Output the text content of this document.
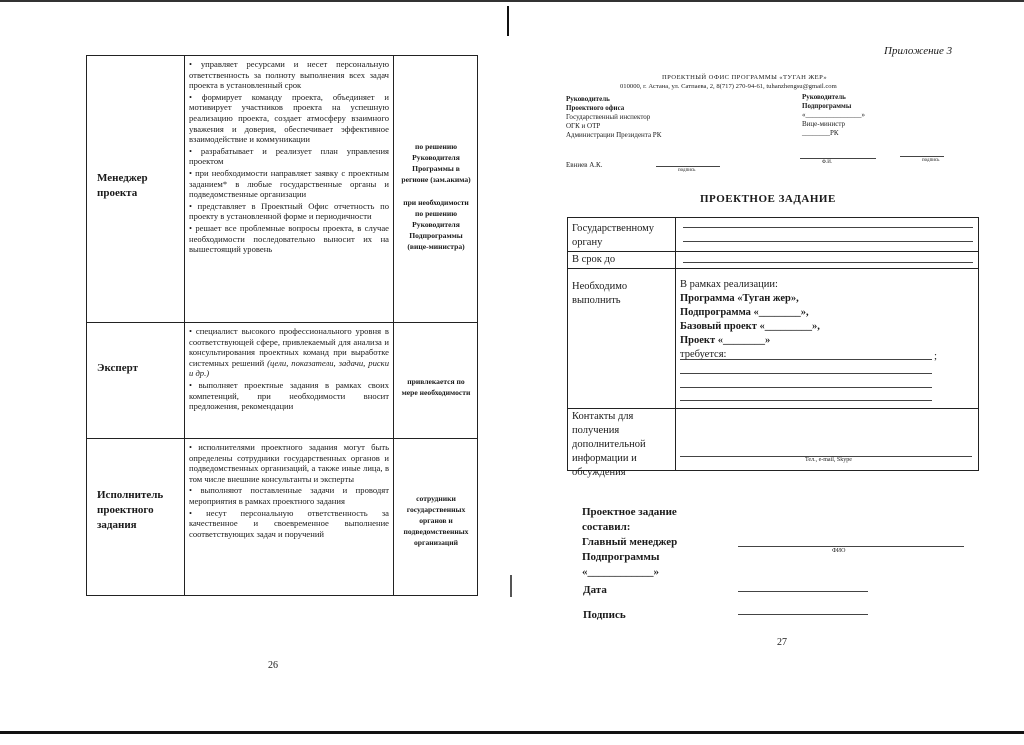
Менеджер
проекта

• управляет ресурсами и несет персональную ответственность за полноту выполнения всех задач проекта в установленный срок

• формирует команду проекта, объединяет и мотивирует участников проекта на успешную реализацию проекта, создает атмосферу взаимного уважения и доверия, обеспечивает эффективное взаимодействие и коммуникации

• разрабатывает и реализует план управления проектом

• при необходимости направляет заявку с проектным заданием* в любые государственные органы и подведомственные организации

• представляет в Проектный Офис отчетность по проекту в установленной форме и периодичности

• решает все проблемные вопросы проекта, в случае необходимости последовательно выносит их на вышестоящий уровень

по решению
Руководителя
Программы в
регионе (зам.акима)
при необходимости
по решению
Руководителя
Подпрограммы
(вице-министра)
Эксперт

• специалист высокого профессионального уровня в соответствующей сфере, привлекаемый для анализа и консультирования проектных команд при выработке системных решений (цели, показатели, задачи, риски и др.)

• выполняет проектные задания в рамках своих компетенций, при необходимости вносит предложения, рекомендации

привлекается по
мере необходимости
Исполнитель
проектного
задания

• исполнителями проектного задания могут быть определены сотрудники государственных органов и подведомственных организаций, а также иные лица, в том числе внешние консультанты и эксперты

• выполняют поставленные задачи и проводят мероприятия в рамках проектного задания

• несут персональную ответственность за качественное и своевременное выполнение соответствующих задач и поручений

сотрудники
государственных
органов и
подведомственных
организаций
26
Приложение 3
ПРОЕКТНЫЙ ОФИС ПРОГРАММЫ «ТУГАН ЖЕР»
010000, г. Астана, ул. Сатпаева, 2, 8(717) 270-94-61, tuhanzhengsu@gmail.com
Руководитель
Проектного офиса
Государственный инспектор
ОГК и ОТР
Администрации Президента РК
Руководитель
Подпрограммы
«________________»
Вице-министр
________РК
Евниев А.К.
подпись
Ф.И.	подпись
ПРОЕКТНОЕ ЗАДАНИЕ
Государственному
органу
В срок до
Необходимо
выполнить
В рамках реализации:
Программа «Туган жер»,
Подпрограмма «________»,
Базовый проект «_________»,
Проект «________»
требуется:	;
Контакты для
получения
дополнительной
информации и
обсуждения
Тел., e-mail, Skype
Проектное задание
составил:
Главный менеджер
Подпрограммы
«____________»
ФИО
Дата
Подпись
27
